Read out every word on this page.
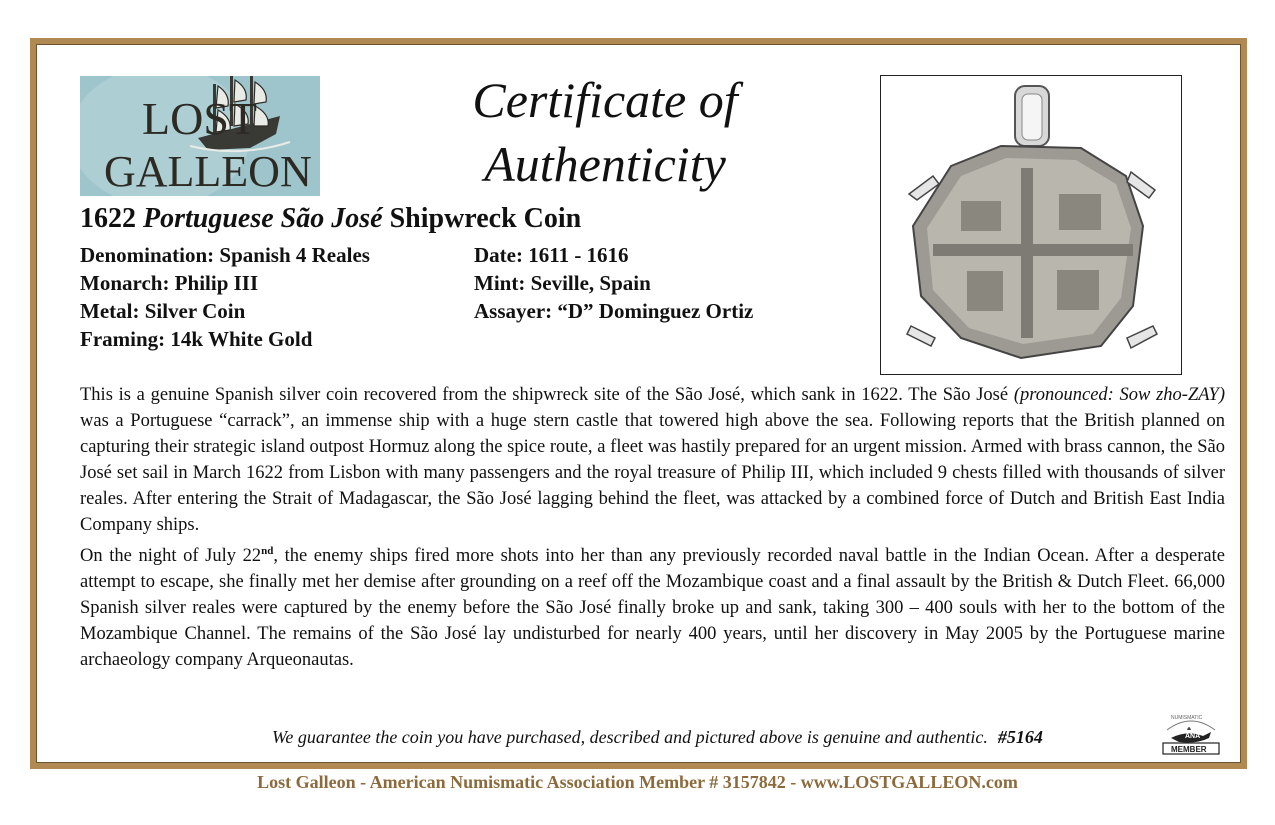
LOST
GALLEON
Certificate of
Authenticity
1622 Portuguese São José Shipwreck Coin
Denomination: Spanish 4 Reales
Monarch: Philip III
Metal: Silver Coin
Framing: 14k White Gold
Date: 1611 - 1616
Mint: Seville, Spain
Assayer: “D” Dominguez Ortiz

This is a genuine Spanish silver coin recovered from the shipwreck site of the São José, which sank in 1622. The São José (pronounced: Sow zho-ZAY) was a Portuguese “carrack”, an immense ship with a huge stern castle that towered high above the sea. Following reports that the British planned on capturing their strategic island outpost Hormuz along the spice route, a fleet was hastily prepared for an urgent mission. Armed with brass cannon, the São José set sail in March 1622 from Lisbon with many passengers and the royal treasure of Philip III, which included 9 chests filled with thousands of silver reales. After entering the Strait of Madagascar, the São José lagging behind the fleet, was attacked by a combined force of Dutch and British East India Company ships.

On the night of July 22nd, the enemy ships fired more shots into her than any previously recorded naval battle in the Indian Ocean. After a desperate attempt to escape, she finally met her demise after grounding on a reef off the Mozambique coast and a final assault by the British & Dutch Fleet. 66,000 Spanish silver reales were captured by the enemy before the São José finally broke up and sank, taking 300 – 400 souls with her to the bottom of the Mozambique Channel. The remains of the São José lay undisturbed for nearly 400 years, until her discovery in May 2005 by the Portuguese marine archaeology company Arqueonautas.

We guarantee the coin you have purchased, described and pictured above is genuine and authentic. #5164
NUMISMATIC
ANA
MEMBER
Lost Galleon - American Numismatic Association Member # 3157842 - www.LOSTGALLEON.com
